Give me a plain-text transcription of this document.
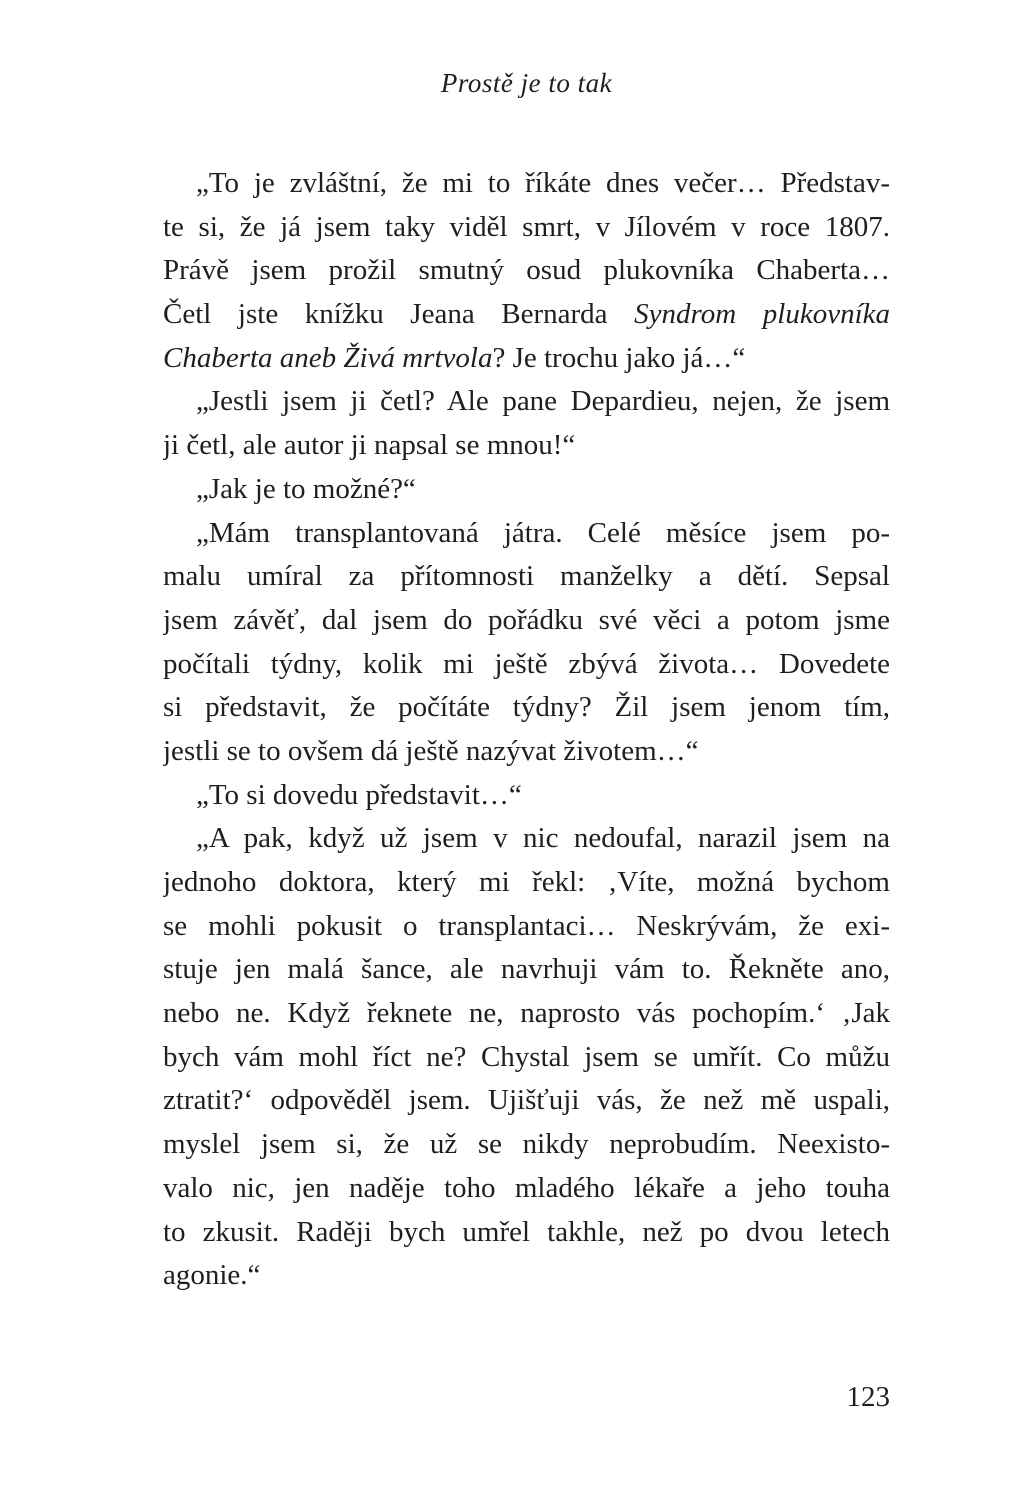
Prostě je to tak
„To je zvláštní, že mi to říkáte dnes večer… Představ-
te si, že já jsem taky viděl smrt, v Jílovém v roce 1807.
Právě jsem prožil smutný osud plukovníka Chaberta…
Četl jste knížku Jeana Bernarda Syndrom plukovníka
Chaberta aneb Živá mrtvola? Je trochu jako já…“
„Jestli jsem ji četl? Ale pane Depardieu, nejen, že jsem
ji četl, ale autor ji napsal se mnou!“
„Jak je to možné?“
„Mám transplantovaná játra. Celé měsíce jsem po-
malu umíral za přítomnosti manželky a dětí. Sepsal
jsem závěť, dal jsem do pořádku své věci a potom jsme
počítali týdny, kolik mi ještě zbývá života… Dovedete
si představit, že počítáte týdny? Žil jsem jenom tím,
jestli se to ovšem dá ještě nazývat životem…“
„To si dovedu představit…“
„A pak, když už jsem v nic nedoufal, narazil jsem na
jednoho doktora, který mi řekl: ‚Víte, možná bychom
se mohli pokusit o transplantaci… Neskrývám, že exi-
stuje jen malá šance, ale navrhuji vám to. Řekněte ano,
nebo ne. Když řeknete ne, naprosto vás pochopím.‘ ‚Jak
bych vám mohl říct ne? Chystal jsem se umřít. Co můžu
ztratit?‘ odpověděl jsem. Ujišťuji vás, že než mě uspali,
myslel jsem si, že už se nikdy neprobudím. Neexisto-
valo nic, jen naděje toho mladého lékaře a jeho touha
to zkusit. Raději bych umřel takhle, než po dvou letech
agonie.“
123
